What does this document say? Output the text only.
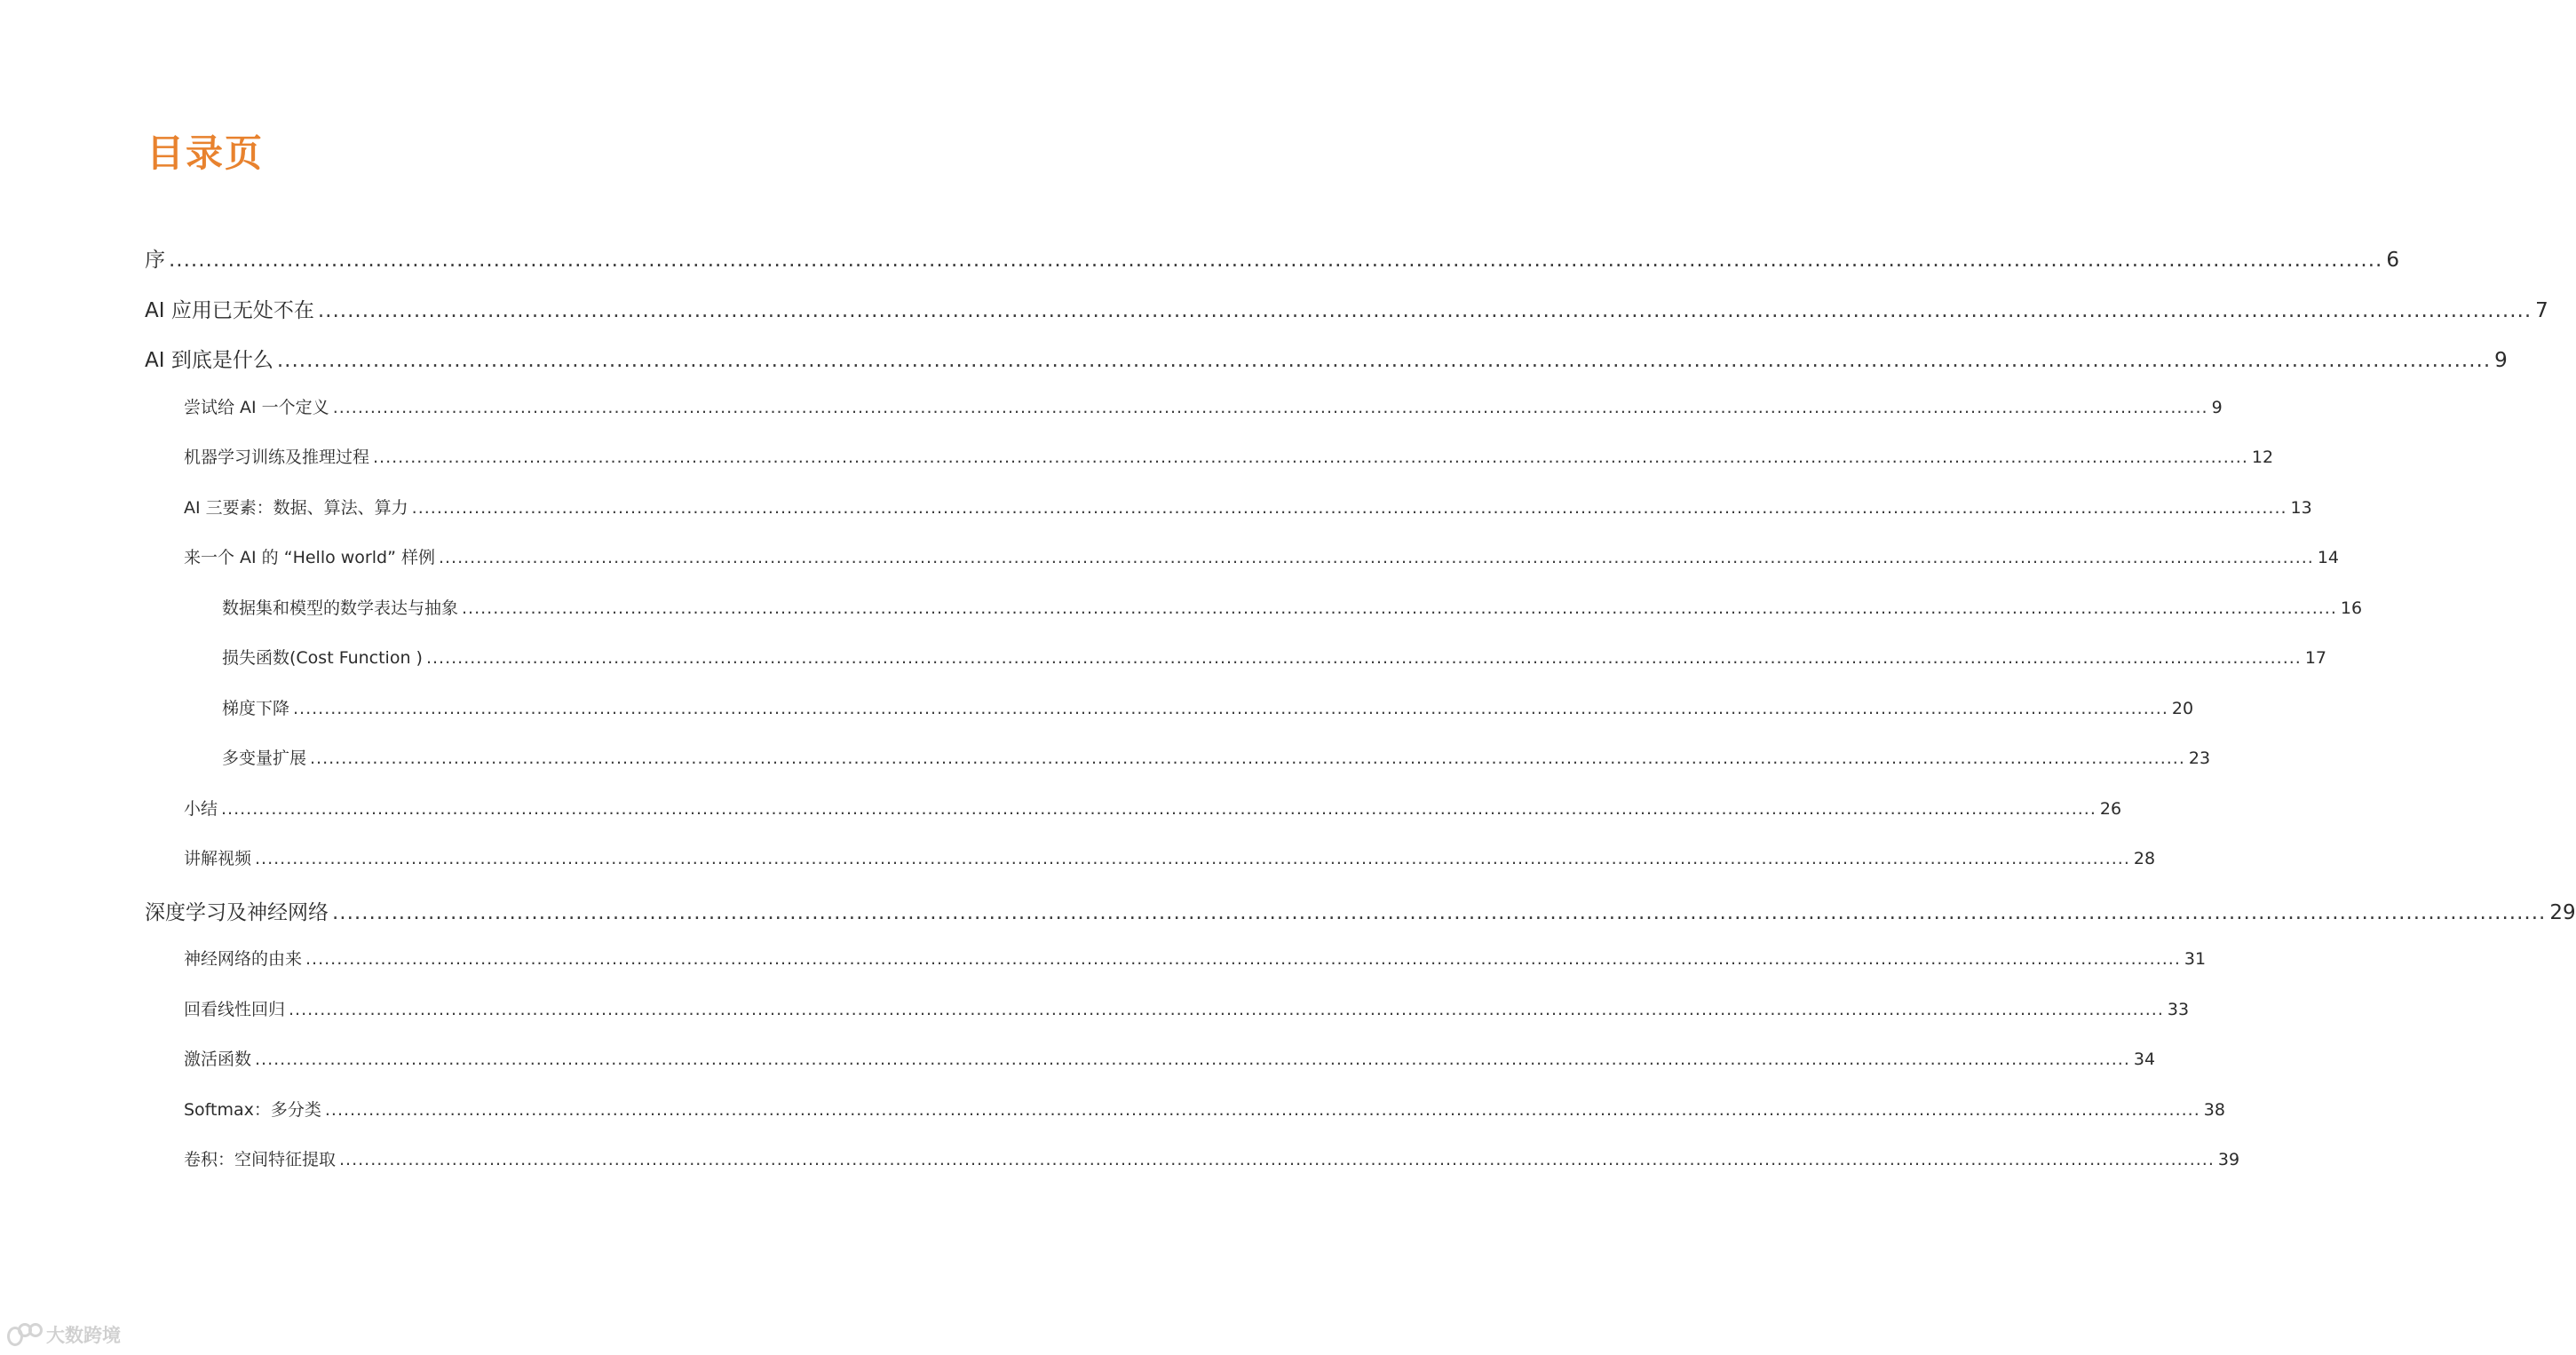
目录页
序 ............................................................................................................................................................................................................................................................................................................ 6
AI 应用已无处不在 ............................................................................................................................................................................................................................................................................................................ 7
AI 到底是什么 ............................................................................................................................................................................................................................................................................................................ 9
尝试给 AI 一个定义 ............................................................................................................................................................................................................................................................................................................ 9
机器学习训练及推理过程 ............................................................................................................................................................................................................................................................................................................ 12
AI 三要素：数据、算法、算力 ............................................................................................................................................................................................................................................................................................................ 13
来一个 AI 的 “Hello world” 样例 ............................................................................................................................................................................................................................................................................................................ 14
数据集和模型的数学表达与抽象 ............................................................................................................................................................................................................................................................................................................ 16
损失函数(Cost Function ) ............................................................................................................................................................................................................................................................................................................ 17
梯度下降 ............................................................................................................................................................................................................................................................................................................ 20
多变量扩展 ............................................................................................................................................................................................................................................................................................................ 23
小结 ............................................................................................................................................................................................................................................................................................................ 26
讲解视频 ............................................................................................................................................................................................................................................................................................................ 28
深度学习及神经网络 ............................................................................................................................................................................................................................................................................................................ 29
神经网络的由来 ............................................................................................................................................................................................................................................................................................................ 31
回看线性回归 ............................................................................................................................................................................................................................................................................................................ 33
激活函数 ............................................................................................................................................................................................................................................................................................................ 34
Softmax：多分类 ............................................................................................................................................................................................................................................................................................................ 38
卷积：空间特征提取 ............................................................................................................................................................................................................................................................................................................ 39
大数跨境
